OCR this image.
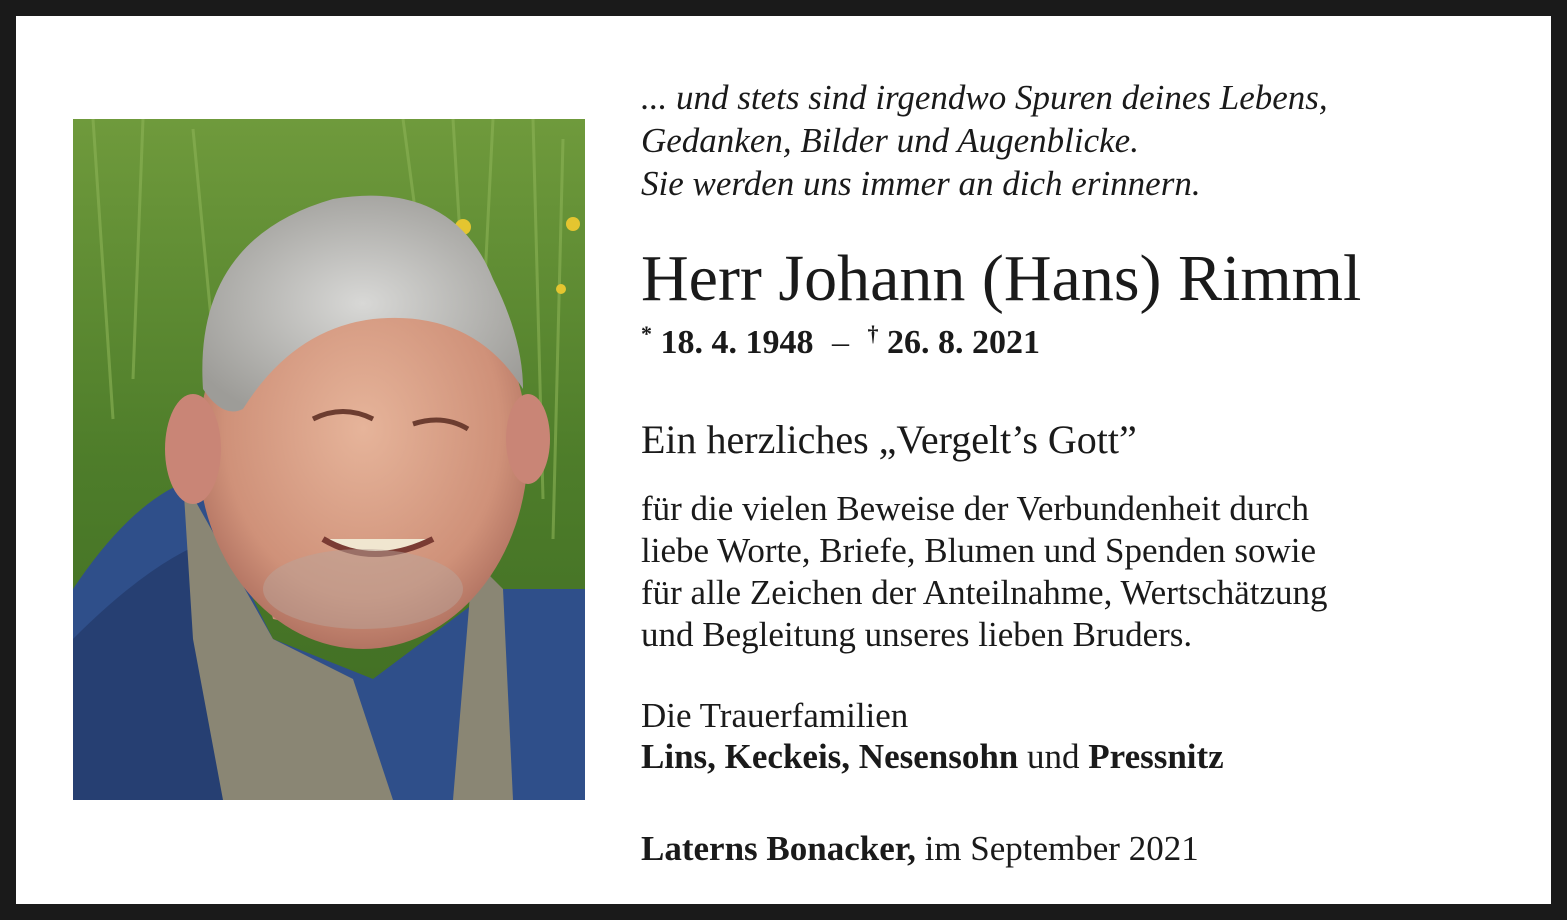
... und stets sind irgendwo Spuren deines Lebens,
Gedanken, Bilder und Augenblicke.
Sie werden uns immer an dich erinnern.

Herr Johann (Hans) Rimml
* 18. 4. 1948 – † 26. 8. 2021
Ein herzliches „Vergelt’s Gott”
für die vielen Beweise der Verbundenheit durch
liebe Worte, Briefe, Blumen und Spenden sowie
für alle Zeichen der Anteilnahme, Wertschätzung
und Begleitung unseres lieben Bruders.
Die Trauerfamilien
Lins, Keckeis, Nesensohn und Pressnitz
Laterns Bonacker, im September 2021
